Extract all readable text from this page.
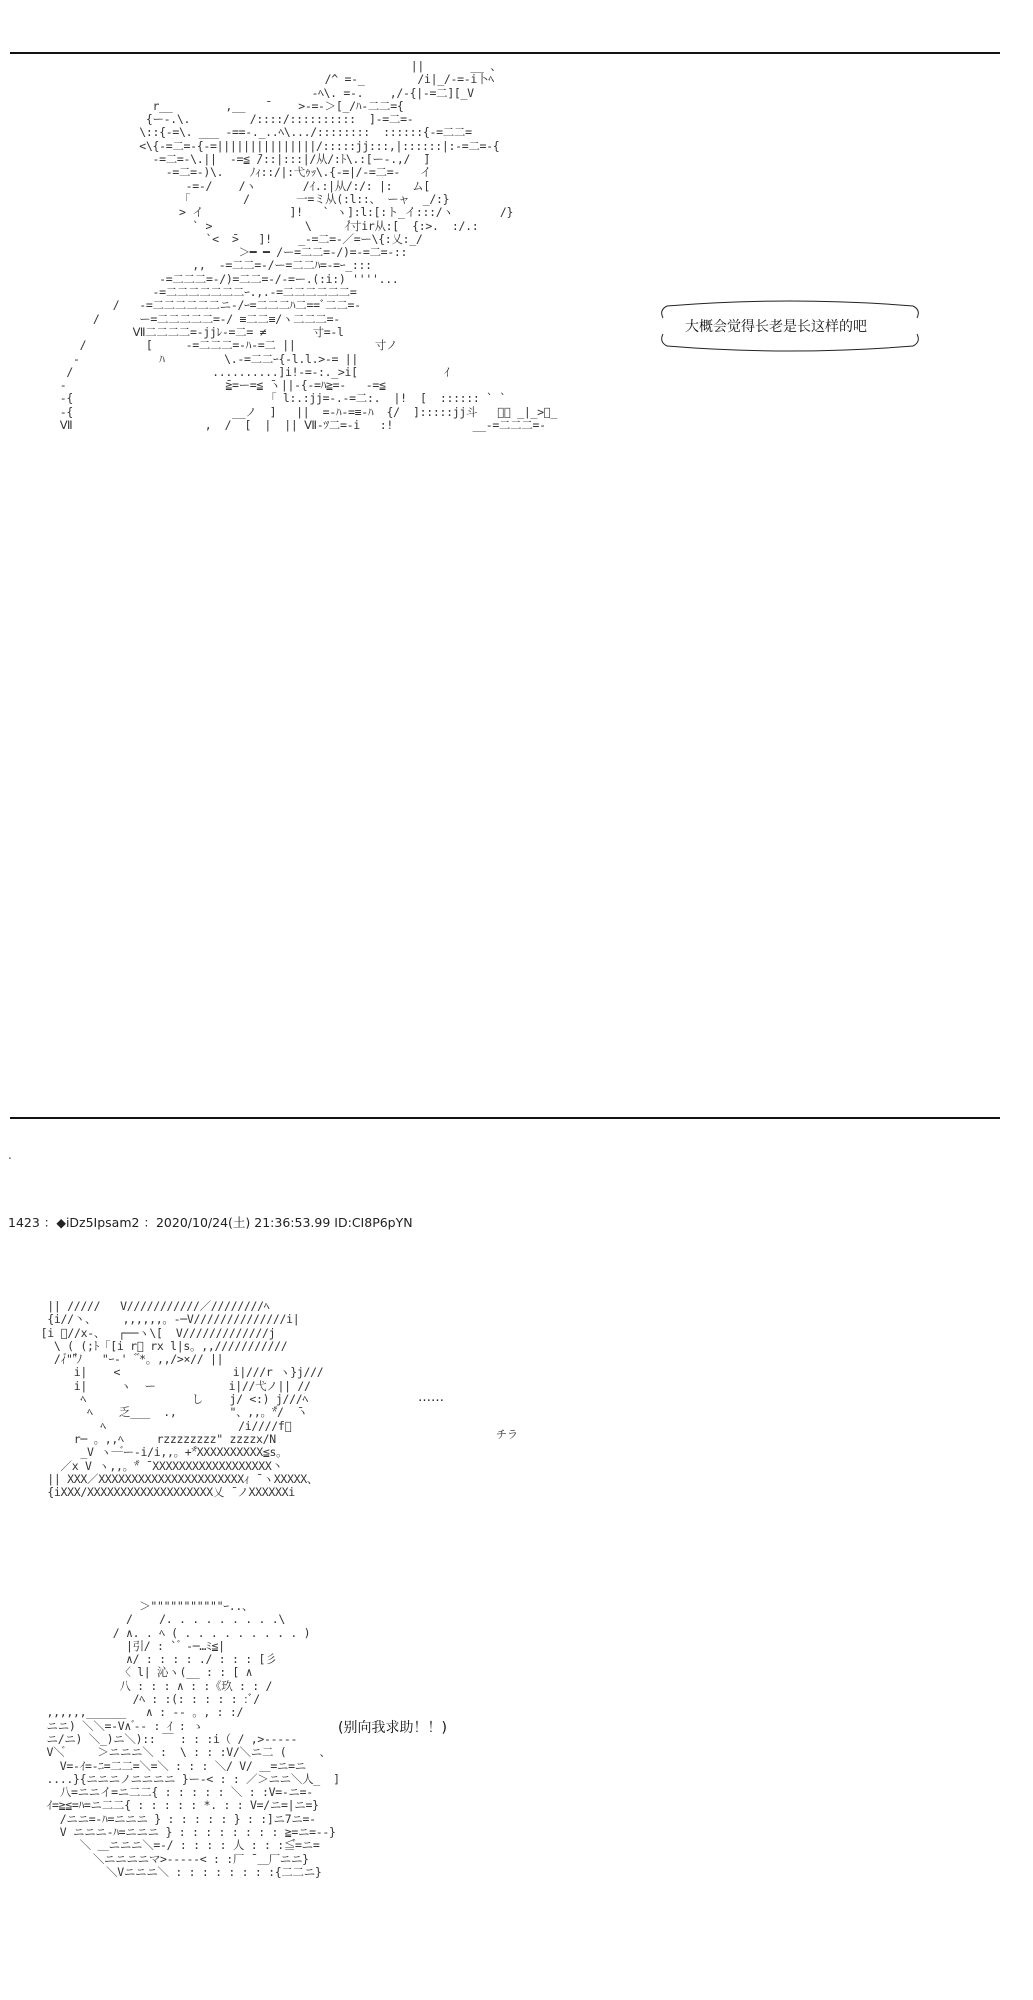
||       __ 、
/^ =-_        /i|_/-=-i卜ﾍ
-ﾍ\. =-.    ,/-{|-=二][_V
r__        ,__   ̄     >-=-＞[_/ﾊ-二二={
{ー-.\.         /::::/::::::::::  ]-=二=-
\::{-=\. ___ -==-._..ﾍ\.../::::::::  ::::::{-=二二=
<\{-=二=-{-=|||||||||||||||/:::::jj:::,|::::::|:-=二=-{
-=二=-\.||  -=≦ ̄/::|:::|/从/:ﾄ\.:[ー-.,/  ̄]
-=二=-)\.    ﾉｨ::/|:弋ｩｯ\.{-=|/-=二=-   イ
-=-/    /ヽ       /ｲ.:|从/:/: |:   ム[
「        /       一=ミ从(:l::、 ーャ  _/:}
> イ             ]!   ` ヽ]:l:[:ト_イ:::/ヽ       /}
` >              \     ｲ゙寸ir从:[  {:>.  :/.:
`<  ̄>   ]!    _-=二=-／=ー\{:乂:_/
＞━ ━ /ー=二二=-/)=-=二=-::
,,  -=二二=-/ー=二二ﾊ=-=ｰ_:::
-=二二二=-/)=二二=-/-=ー.(:i:) ''''...
-=二二二二二二二ｰ.,.-=二二二二二二=
/   -=二二二二二二ニ-/ｰ=二二二ﾊ二==ﾞ二二=-
/      ー=二二二二二=-/ ≡二二≡/ヽ二二二=-
Ⅶ二二二二=-jjﾚ-=二= ≠       寸=-l
/         [     -=二二二=-ﾊ-=二 ||            寸ノ
-            ﾊ         \.-=二二ｰ{-l.l.>-= ||
/                     ..........]i!-=-:._>i[             ｲ
-                        ̄≧=ー=≦ ̄ヽ||-{-=ﾊ≧=-   -=≦
-{                             「 l:.:jj=-.-=二:.  |!  [  :::::: ` `
-{                        __ノ  ]   ||  =-ﾊ-=≡-ﾊ  {/  ]:::::jj斗   ゙「 _|_>ー_
Ⅶ                    ,  /  [  |  || Ⅶ-ﾂ二=-i   :!            __-=二二二=-
大概会觉得长老是长这样的吧
.
1423 ：◆iDz5Ipsam2 ：2020/10/24(土) 21:36:53.99 ID:CI8P6pYN
|| /////   V///////////／////////ﾍ
{i//丶、    ,,,,,,。-─V//////////////i|
[i ゙//x-、  ┌──ヽ\[  V/////////////j
\ ( (;ﾄ「[i r゙ rx l|s。,,///////////
/ｨ゙""゙ﾉ   "ｰ-'  ゙ ゙*。,,/>×// ||
i|    <                 i|///r ヽ}j///
i|     ヽ  ー           i|//弋ノ|| //
ﾍ                し    j/ <:) j///ﾍ
ﾍ    乏___  .,        "、,,。*゙/  ̄ヽ
ﾍ                    /i////f゙
r─ 。,,ﾍ     rzzzzzzzz" zzzzx/N
_V ヽ─゙ー‐i/i,,。+*゙XXXXXXXXXX≦s。
／x V ヽ,,。*゙ ̄ XXXXXXXXXXXXXXXXXX丶
|| XXX／XXXXXXXXXXXXXXXXXXXXXXｨ ̄ ヽXXXXX、
{iXXX/XXXXXXXXXXXXXXXXXXX乂 ̄ ノXXXXXXi
……
チラ
＞"""""""""""ｰ..、
/    /. . . . . . . . .\
/ ∧. . ﾍ ( . . . . . . . . . )
|引/ : ` ゙ ‐─…ﾐ≦|
∧/ : : : : ./ : : : [彡
〈 l| 沁ヽ(__ : : [ ∧
八 : : : ∧ : :《玖 : : /
/ﾍ : :(: : : : : :ﾞ/
,,,,,,______   ∧ : -- 。, : :/
ニニ) ＼＼=-V∧ ゙-- : ｲ : ゝ
ニ/ニ) ＼_)ニ＼):: ￣ : : :i（ / ,>-‐‐‐-
V＼゙     ＞ニニニ＼ :  \ : : :V/＼ニ二 (     、
V=-ｲ=-ﾆ=二二=＼=＼ : : : ＼/ V/ ＿=ニ=ニ
....}{ニニニノニニニニ }ー-< : : ／＞ニニ＼人_  ]
八=ニニイ=ニ二二{ : : : : : ＼ : :V=-ニ=-
ｲ=≧≦=ﾊ=ニ二二{ : : : : : *. : : V=/ニ=|ニ=}
/ニニ=-ﾊ=ニニニ } : : : : : } : :]ニ7ニ=-
V ニニニ-ﾊ=ニニニ } : : : : : : : : ≧=ニ=--}
＼ ＿ニニニ＼=-/ : : : : 人 : : :≦゙=ニ=
＼ニニニニマ>-----< : :厂 ̄ ＿厂ニニ}
＼Vニニニ＼ : : : : : : : :{二二ニ}
(别向我求助！！)
